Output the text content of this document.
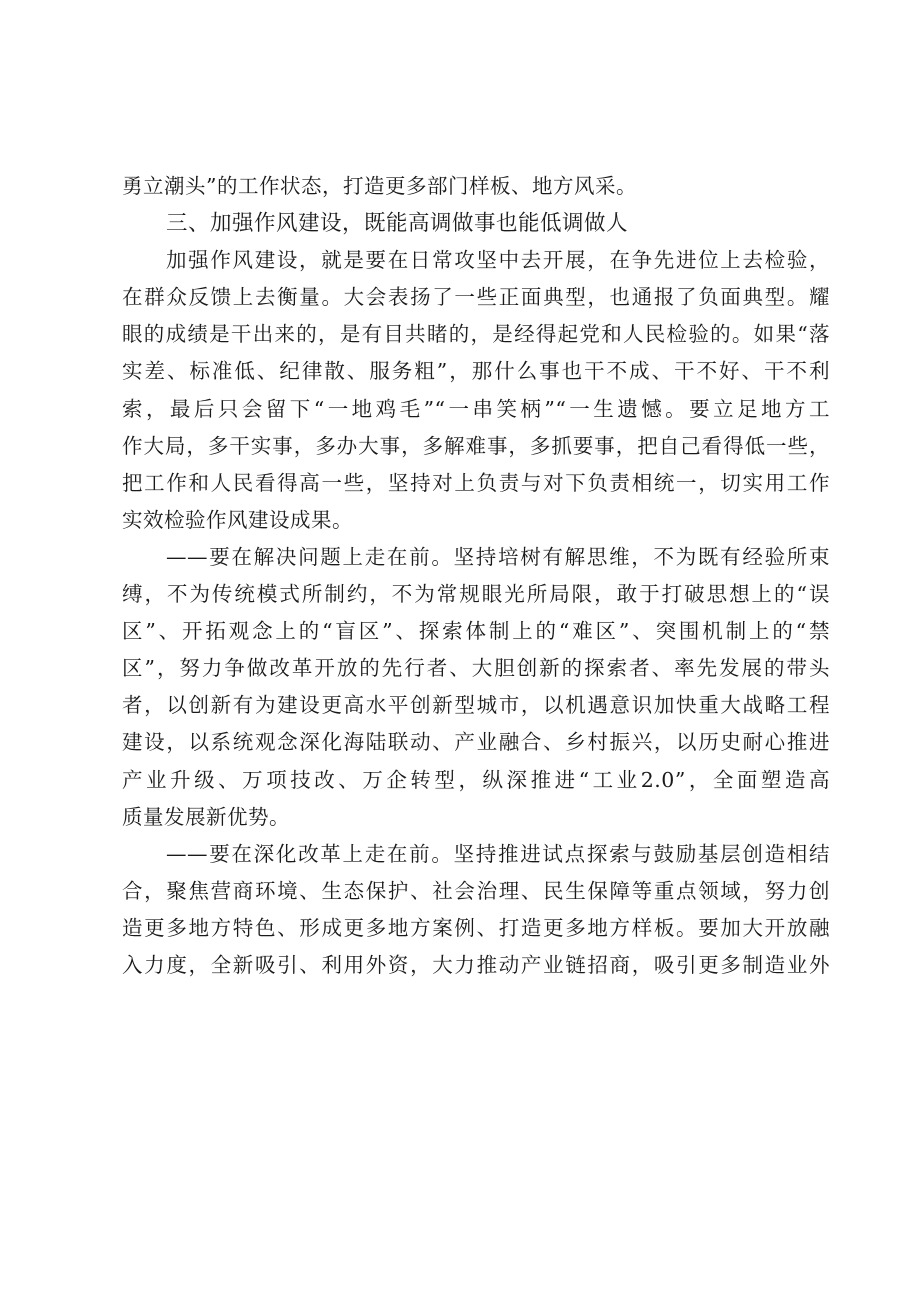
勇立潮头”的工作状态，打造更多部门样板、地方风采。
三、加强作风建设，既能高调做事也能低调做人
加强作风建设，就是要在日常攻坚中去开展，在争先进位上去检验，
在群众反馈上去衡量。大会表扬了一些正面典型，也通报了负面典型。耀
眼的成绩是干出来的，是有目共睹的，是经得起党和人民检验的。如果“落
实差、标准低、纪律散、服务粗”，那什么事也干不成、干不好、干不利
索，最后只会留下“一地鸡毛”“一串笑柄”“一生遗憾。要立足地方工
作大局，多干实事，多办大事，多解难事，多抓要事，把自己看得低一些，
把工作和人民看得高一些，坚持对上负责与对下负责相统一，切实用工作
实效检验作风建设成果。
——要在解决问题上走在前。坚持培树有解思维，不为既有经验所束
缚，不为传统模式所制约，不为常规眼光所局限，敢于打破思想上的“误
区”、开拓观念上的“盲区”、探索体制上的“难区”、突围机制上的“禁
区”，努力争做改革开放的先行者、大胆创新的探索者、率先发展的带头
者，以创新有为建设更高水平创新型城市，以机遇意识加快重大战略工程
建设，以系统观念深化海陆联动、产业融合、乡村振兴，以历史耐心推进
产业升级、万项技改、万企转型，纵深推进“工业2.0”，全面塑造高
质量发展新优势。
——要在深化改革上走在前。坚持推进试点探索与鼓励基层创造相结
合，聚焦营商环境、生态保护、社会治理、民生保障等重点领域，努力创
造更多地方特色、形成更多地方案例、打造更多地方样板。要加大开放融
入力度，全新吸引、利用外资，大力推动产业链招商，吸引更多制造业外
